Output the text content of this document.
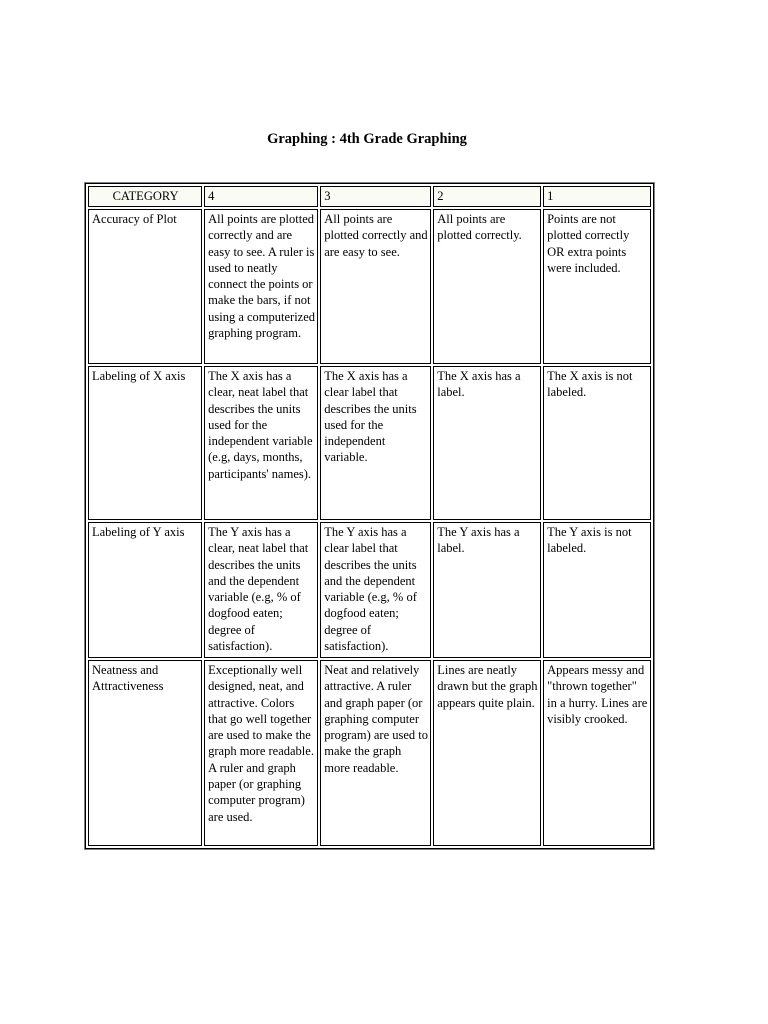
Graphing : 4th Grade Graphing
CATEGORY	4	3	2	1
Accuracy of Plot	All points are plotted correctly and are easy to see. A ruler is used to neatly connect the points or make the bars, if not using a computerized graphing program.	All points are plotted correctly and are easy to see.	All points are plotted correctly.	Points are not plotted correctly OR extra points were included.
Labeling of X axis	The X axis has a clear, neat label that describes the units used for the independent variable (e.g, days, months, participants' names).	The X axis has a clear label that describes the units used for the independent variable.	The X axis has a label.	The X axis is not labeled.
Labeling of Y axis	The Y axis has a clear, neat label that describes the units and the dependent variable (e.g, % of dogfood eaten; degree of satisfaction).	The Y axis has a clear label that describes the units and the dependent variable (e.g, % of dogfood eaten; degree of satisfaction).	The Y axis has a label.	The Y axis is not labeled.
Neatness and Attractiveness	Exceptionally well designed, neat, and attractive. Colors that go well together are used to make the graph more readable. A ruler and graph paper (or graphing computer program) are used.	Neat and relatively attractive. A ruler and graph paper (or graphing computer program) are used to make the graph more readable.	Lines are neatly drawn but the graph appears quite plain.	Appears messy and "thrown together" in a hurry. Lines are visibly crooked.
